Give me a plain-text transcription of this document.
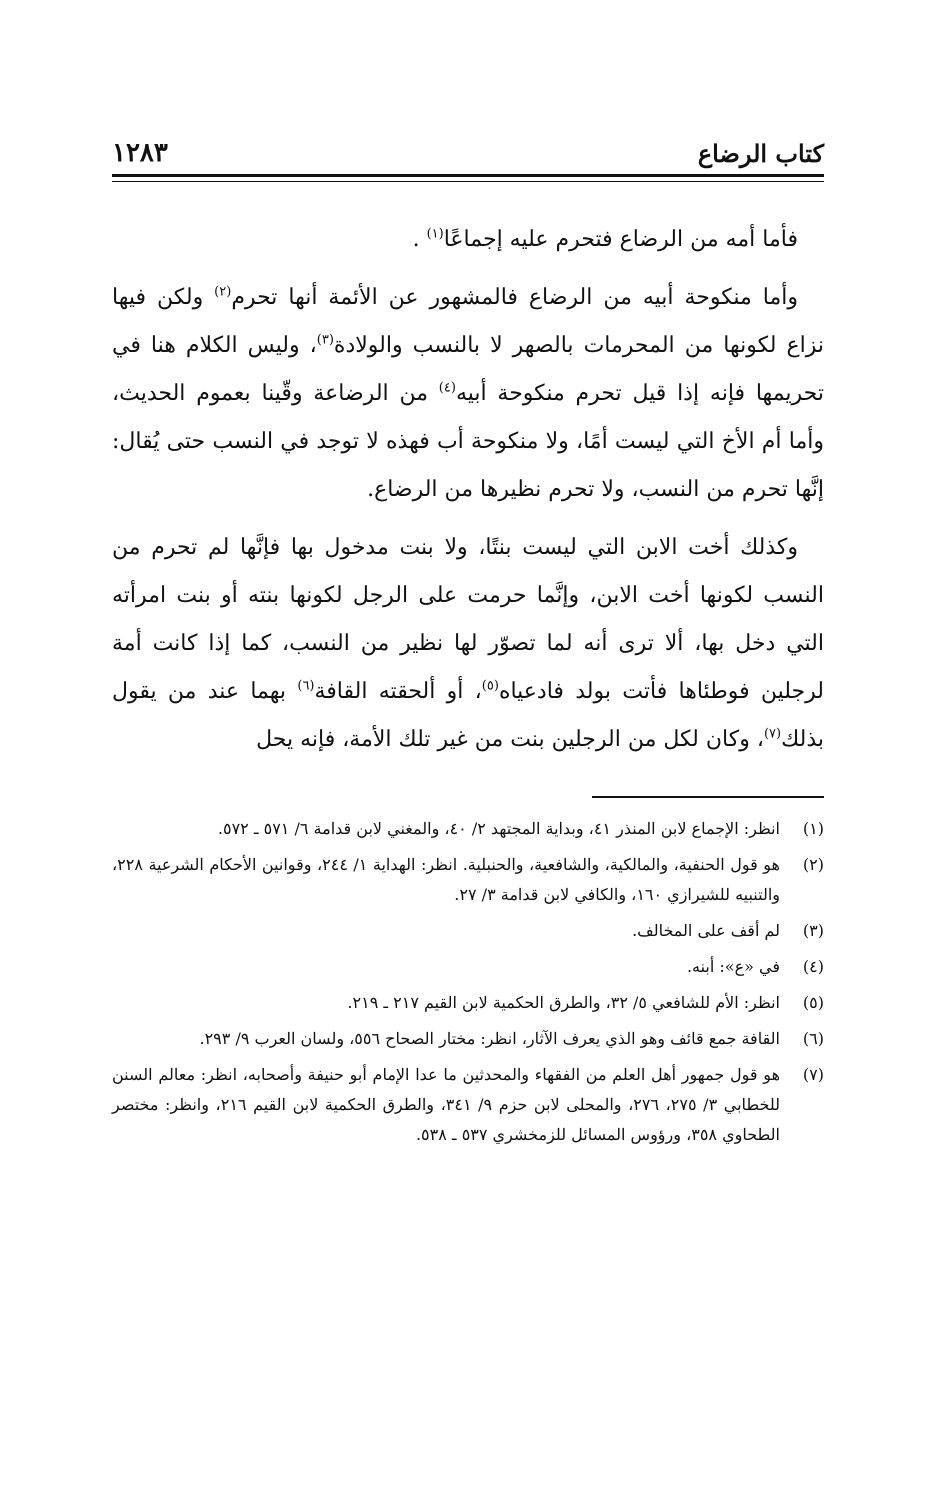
كتاب الرضاع
١٢٨٣

فأما أمه من الرضاع فتحرم عليه إجماعًا$^{(١)}$ .

وأما منكوحة أبيه من الرضاع فالمشهور عن الأئمة أنها تحرم$^{(٢)}$ ولكن فيها نزاع لكونها من المحرمات بالصهر لا بالنسب والولادة$^{(٣)}$، وليس الكلام هنا في تحريمها فإنه إذا قيل تحرم منكوحة أبيه$^{(٤)}$ من الرضاعة وقّينا بعموم الحديث، وأما أم الأخ التي ليست أمًا، ولا منكوحة أب فهذه لا توجد في النسب حتى يُقال: إنَّها تحرم من النسب، ولا تحرم نظيرها من الرضاع.

وكذلك أخت الابن التي ليست بنتًا، ولا بنت مدخول بها فإنَّها لم تحرم من النسب لكونها أخت الابن، وإنَّما حرمت على الرجل لكونها بنته أو بنت امرأته التي دخل بها، ألا ترى أنه لما تصوّر لها نظير من النسب، كما إذا كانت أمة لرجلين فوطئاها فأتت بولد فادعياه$^{(٥)}$، أو ألحقته القافة$^{(٦)}$ بهما عند من يقول بذلك$^{(٧)}$، وكان لكل من الرجلين بنت من غير تلك الأمة، فإنه يحل

(١)
انظر: الإجماع لابن المنذر ٤١، وبداية المجتهد ٢/ ٤٠، والمغني لابن قدامة ٦/ ٥٧١ ـ ٥٧٢.
(٢)
هو قول الحنفية، والمالكية، والشافعية، والحنبلية. انظر: الهداية ١/ ٢٤٤، وقوانين الأحكام الشرعية ٢٢٨، والتنبيه للشيرازي ١٦٠، والكافي لابن قدامة ٣/ ٢٧.
(٣)
لم أقف على المخالف.
(٤)
في «ع»: أبنه.
(٥)
انظر: الأم للشافعي ٥/ ٣٢، والطرق الحكمية لابن القيم ٢١٧ ـ ٢١٩.
(٦)
القافة جمع قائف وهو الذي يعرف الآثار، انظر: مختار الصحاح ٥٥٦، ولسان العرب ٩/ ٢٩٣.
(٧)
هو قول جمهور أهل العلم من الفقهاء والمحدثين ما عدا الإمام أبو حنيفة وأصحابه، انظر: معالم السنن للخطابي ٣/ ٢٧٥، ٢٧٦، والمحلى لابن حزم ٩/ ٣٤١، والطرق الحكمية لابن القيم ٢١٦، وانظر: مختصر الطحاوي ٣٥٨، ورؤوس المسائل للزمخشري ٥٣٧ ـ ٥٣٨.
